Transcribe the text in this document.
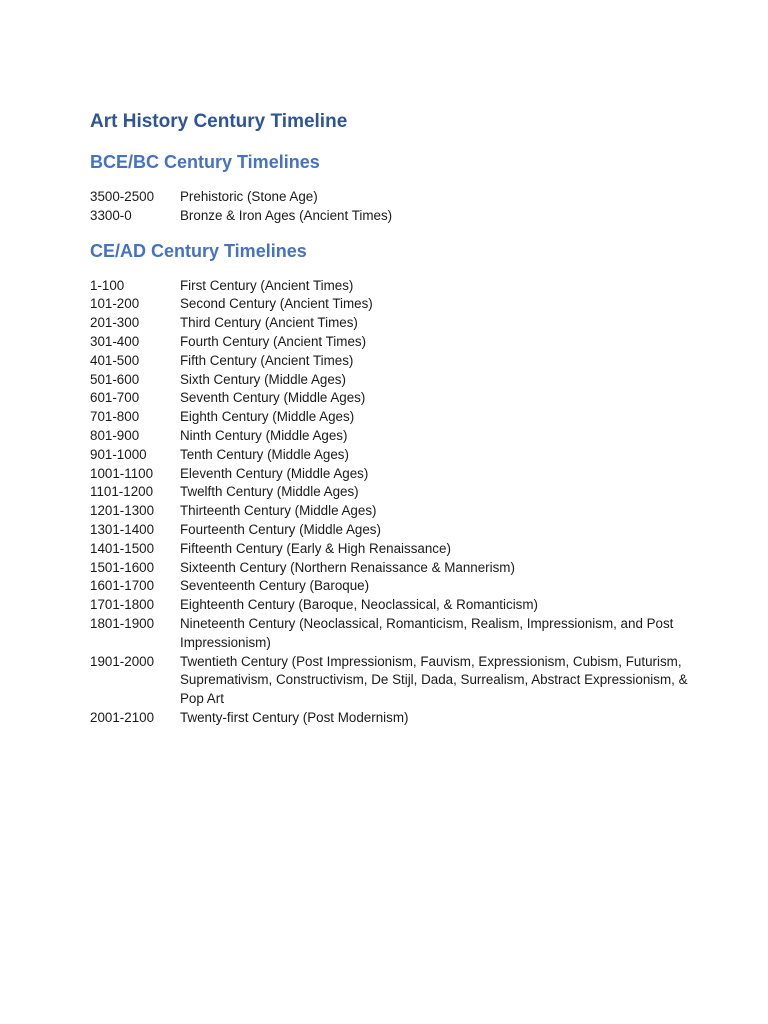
Art History Century Timeline
BCE/BC Century Timelines
3500-2500	Prehistoric (Stone Age)
3300-0	Bronze & Iron Ages (Ancient Times)
CE/AD Century Timelines
1-100	First Century (Ancient Times)
101-200	Second Century (Ancient Times)
201-300	Third Century (Ancient Times)
301-400	Fourth Century (Ancient Times)
401-500	Fifth Century (Ancient Times)
501-600	Sixth Century (Middle Ages)
601-700	Seventh Century (Middle Ages)
701-800	Eighth Century (Middle Ages)
801-900	Ninth Century (Middle Ages)
901-1000	Tenth Century (Middle Ages)
1001-1100	Eleventh Century (Middle Ages)
1101-1200	Twelfth Century (Middle Ages)
1201-1300	Thirteenth Century (Middle Ages)
1301-1400	Fourteenth Century (Middle Ages)
1401-1500	Fifteenth Century (Early & High Renaissance)
1501-1600	Sixteenth Century (Northern Renaissance & Mannerism)
1601-1700	Seventeenth Century (Baroque)
1701-1800	Eighteenth Century (Baroque, Neoclassical, & Romanticism)
1801-1900	Nineteenth Century (Neoclassical, Romanticism, Realism, Impressionism, and Post Impressionism)
1901-2000	Twentieth Century (Post Impressionism, Fauvism, Expressionism, Cubism, Futurism, Supremativism, Constructivism, De Stijl, Dada, Surrealism, Abstract Expressionism, & Pop Art
2001-2100	Twenty-first Century (Post Modernism)
